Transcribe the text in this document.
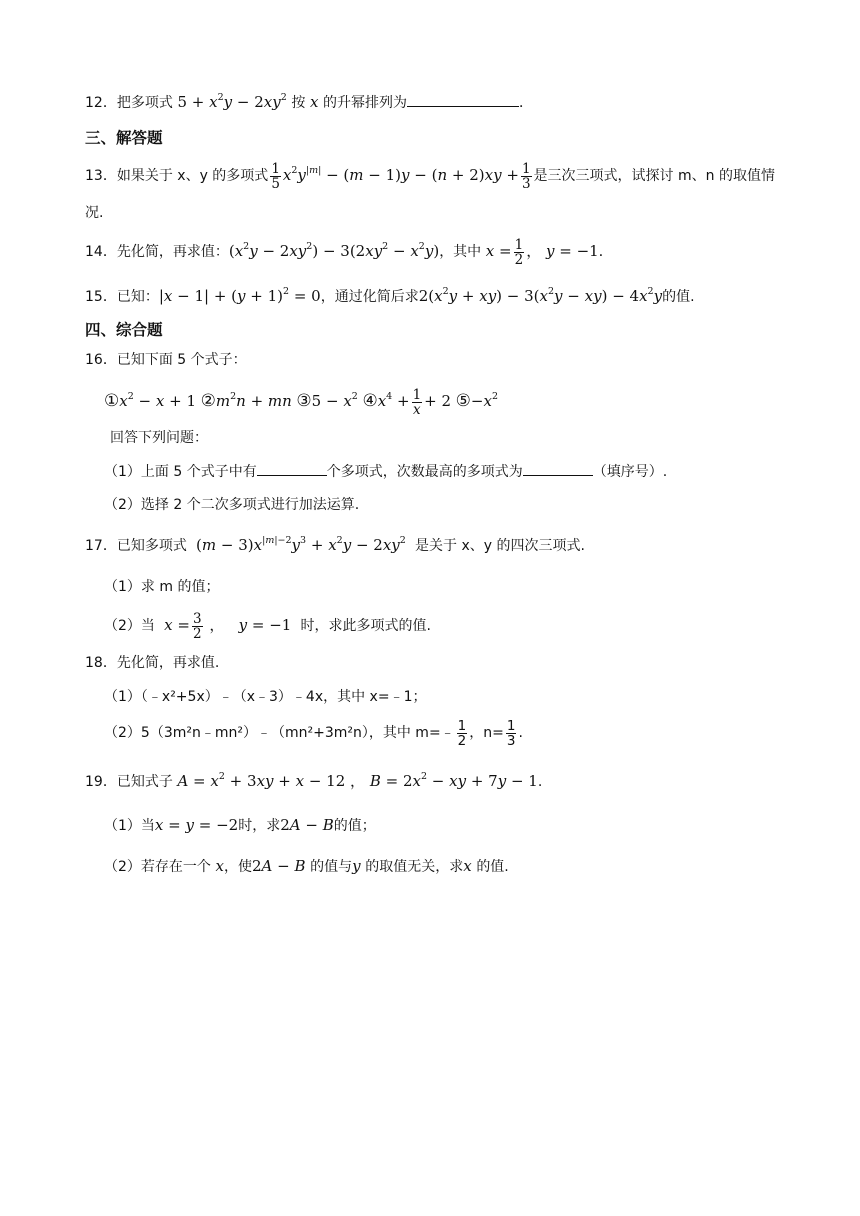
12．把多项式 $5 + x^2y - 2xy^2$ 按 x 的升幂排列为	．
三、解答题
13．如果关于 x、y 的多项式 $\frac{1}{5} x^2y^{|m|} - (m - 1)y - (n + 2)xy + \frac{1}{3}$ 是三次三项式，试探讨 m、n 的取值情
况.
14．先化简，再求值：$(x^2y - 2xy^2) - 3(2xy^2 - x^2y)$，其中 $x = \frac{1}{2}$ ， y = −1．
15．已知：$|x - 1| + (y + 1)^2 = 0$，通过化简后求$2(x^2y + xy) - 3(x^2y - xy) - 4x^2y$的值.
四、综合题
16．已知下面 5 个式子：
$①x^2 - x + 1$ $②m^2n$ + mn ③5 − $x^2$ $④x^4 + \frac{1}{x} + 2$ $⑤-x^2$
回答下列问题：
（1）上面 5 个式子中有	个多项式，次数最高的多项式为	（填序号）.
（2）选择 2 个二次多项式进行加法运算.
17．已知多项式 $(m - 3)x^{|m|-2}y^3 + x^2y - 2xy^2$ 是关于 x、y 的四次三项式.
（1）求 m 的值；
（2）当 $x = \frac{3}{2}$ ，   y = −1 时，求此多项式的值.
18．先化简，再求值.
（1）（﹣x²+5x）﹣（x﹣3）﹣4x，其中 x=﹣1；
（2）5（3m²n﹣mn²）﹣（mn²+3m²n），其中 m=﹣ $\frac{1}{2}$ ，$n= \frac{1}{3}$ .
19．已知式子 $A = x^2 + 3xy + x - 12$ ， $B = 2x^2$ − xy + 7y − 1.
（1）当x = y = −2时，求2A − B的值；
（2）若存在一个 x，使2A − B 的值与y 的取值无关，求x 的值.
